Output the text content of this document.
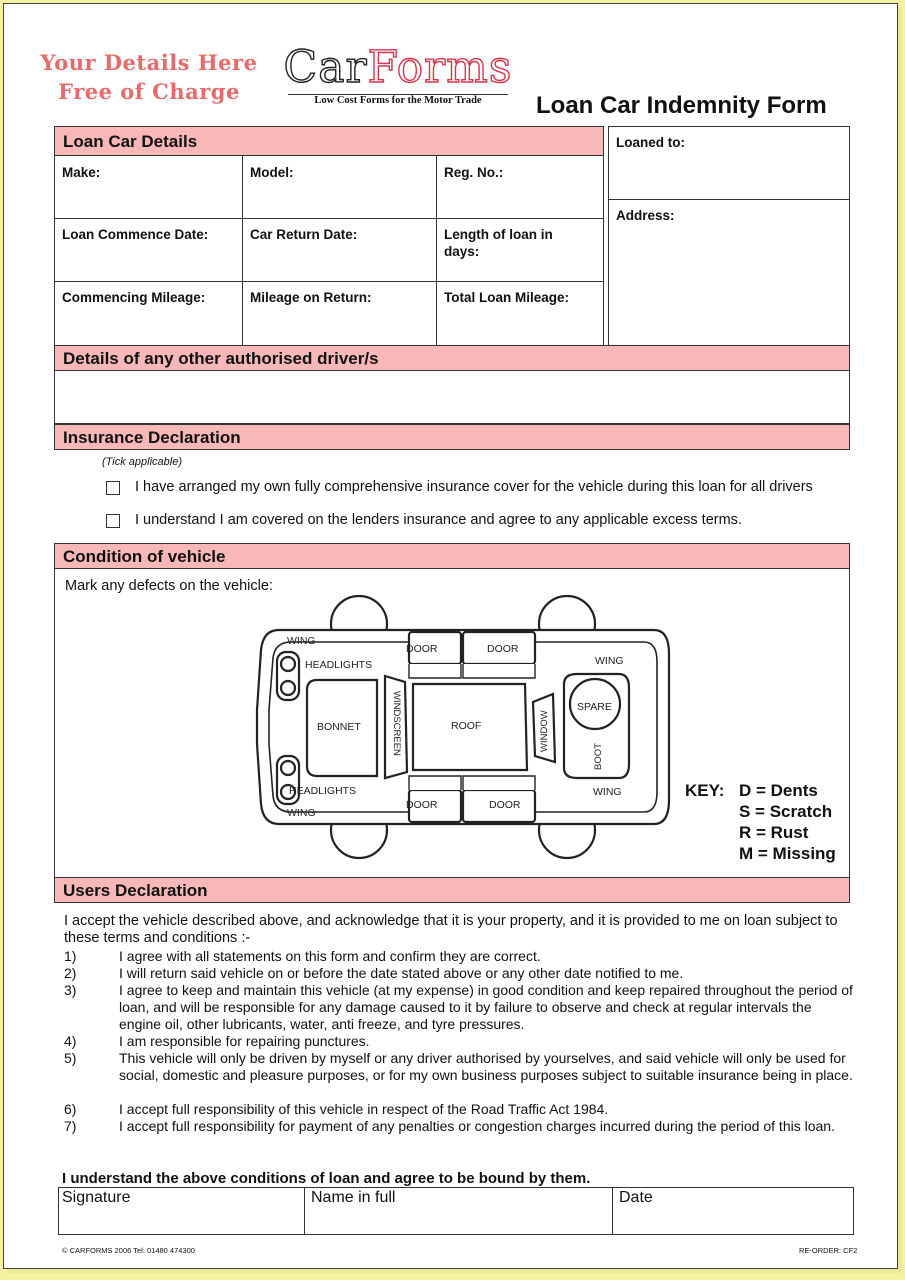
Your Details Here
Free of Charge CarForms
Low Cost Forms for the Motor Trade	Loan Car Indemnity Form
Loan Car Details
Make:	Model:	Reg. No.:
Loan Commence Date:	Car Return Date:	Length of loan in days:
Commencing Mileage:	Mileage on Return:	Total Loan Mileage:
Loaned to:
Address:
Details of any other authorised driver/s
Insurance Declaration
(Tick applicable)
I have arranged my own fully comprehensive insurance cover for the vehicle during this loan for all drivers
I understand I am covered on the lenders insurance and agree to any applicable excess terms.
Condition of vehicle
Mark any defects on the vehicle:
WING
HEADLIGHTS
DOOR	DOOR
WING
BONNET	ROOF
SPARE
HEADLIGHTS
WING
DOOR	DOOR
WING
WINDSCREEN	WINDOW
BOOT
KEY: D = Dents
S = Scratch
R = Rust
M = Missing
Users Declaration
I accept the vehicle described above, and acknowledge that it is your property, and it is provided to me on loan subject to these terms and conditions :-
1)	I agree with all statements on this form and confirm they are correct.
2)	I will return said vehicle on or before the date stated above or any other date notified to me.
3)	I agree to keep and maintain this vehicle (at my expense) in good condition and keep repaired throughout the period of loan, and will be responsible for any damage caused to it by failure to observe and check at regular intervals the engine oil, other lubricants, water, anti freeze, and tyre pressures.
4)	I am responsible for repairing punctures.
5)	This vehicle will only be driven by myself or any driver authorised by yourselves, and said vehicle will only be used for social, domestic and pleasure purposes, or for my own business purposes subject to suitable insurance being in place.
6)	I accept full responsibility of this vehicle in respect of the Road Traffic Act 1984.
7)	I accept full responsibility for payment of any penalties or congestion charges incurred during the period of this loan.
I understand the above conditions of loan and agree to be bound by them.
Signature	Name in full	Date
© CARFORMS 2006 Tel: 01480 474300	RE-ORDER: CF2
